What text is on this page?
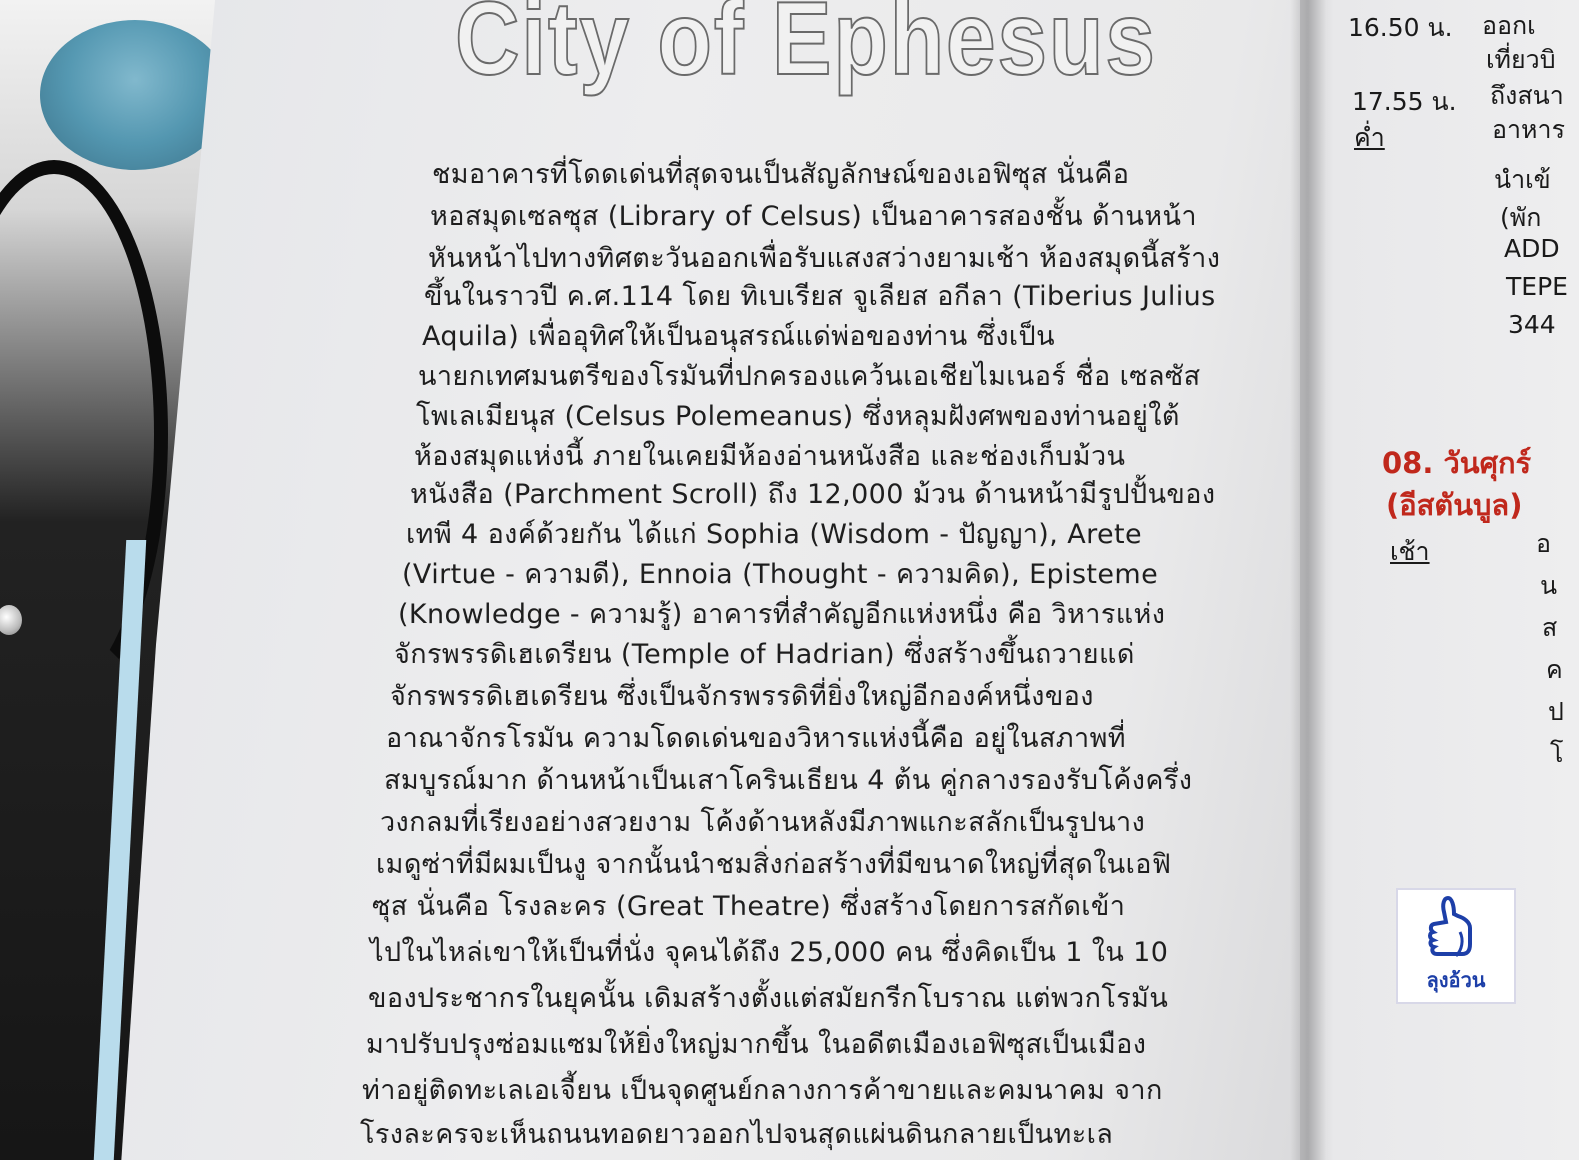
City of Ephesus
ชมอาคารที่โดดเด่นที่สุดจนเป็นสัญลักษณ์ของเอฟิซุส นั่นคือ
หอสมุดเซลซุส (Library of Celsus) เป็นอาคารสองชั้น ด้านหน้า
หันหน้าไปทางทิศตะวันออกเพื่อรับแสงสว่างยามเช้า ห้องสมุดนี้สร้าง
ขึ้นในราวปี ค.ศ.114 โดย ทิเบเรียส จูเลียส อกีลา (Tiberius Julius
Aquila) เพื่ออุทิศให้เป็นอนุสรณ์แด่พ่อของท่าน ซึ่งเป็น
นายกเทศมนตรีของโรมันที่ปกครองแคว้นเอเชียไมเนอร์ ชื่อ เซลซัส
โพเลเมียนุส (Celsus Polemeanus) ซึ่งหลุมฝังศพของท่านอยู่ใต้
ห้องสมุดแห่งนี้ ภายในเคยมีห้องอ่านหนังสือ และช่องเก็บม้วน
หนังสือ (Parchment Scroll) ถึง 12,000 ม้วน ด้านหน้ามีรูปปั้นของ
เทพี 4 องค์ด้วยกัน ได้แก่ Sophia (Wisdom - ปัญญา), Arete
(Virtue - ความดี), Ennoia (Thought - ความคิด), Episteme
(Knowledge - ความรู้) อาคารที่สำคัญอีกแห่งหนึ่ง คือ วิหารแห่ง
จักรพรรดิเฮเดรียน (Temple of Hadrian) ซึ่งสร้างขึ้นถวายแด่
จักรพรรดิเฮเดรียน ซึ่งเป็นจักรพรรดิที่ยิ่งใหญ่อีกองค์หนึ่งของ
อาณาจักรโรมัน ความโดดเด่นของวิหารแห่งนี้คือ อยู่ในสภาพที่
สมบูรณ์มาก ด้านหน้าเป็นเสาโครินเธียน 4 ต้น คู่กลางรองรับโค้งครึ่ง
วงกลมที่เรียงอย่างสวยงาม โค้งด้านหลังมีภาพแกะสลักเป็นรูปนาง
เมดูซ่าที่มีผมเป็นงู จากนั้นนำชมสิ่งก่อสร้างที่มีขนาดใหญ่ที่สุดในเอฟิ
ซุส นั่นคือ โรงละคร (Great Theatre) ซึ่งสร้างโดยการสกัดเข้า
ไปในไหล่เขาให้เป็นที่นั่ง จุคนได้ถึง 25,000 คน ซึ่งคิดเป็น 1 ใน 10
ของประชากรในยุคนั้น เดิมสร้างตั้งแต่สมัยกรีกโบราณ แต่พวกโรมัน
มาปรับปรุงซ่อมแซมให้ยิ่งใหญ่มากขึ้น ในอดีตเมืองเอฟิซุสเป็นเมือง
ท่าอยู่ติดทะเลเอเจี้ยน เป็นจุดศูนย์กลางการค้าขายและคมนาคม จาก
โรงละครจะเห็นถนนทอดยาวออกไปจนสุดแผ่นดินกลายเป็นทะเล
16.50 น. ออกเ
เที่ยวบิ
17.55 น. ถึงสนา
ค่ำ	อาหาร
นำเข้
(พัก
ADD
TEPE
344
08. วันศุกร์
(อีสตันบูล)
เช้า	อ
น
ส
ค
ป
โ
ลุงอ้วน
